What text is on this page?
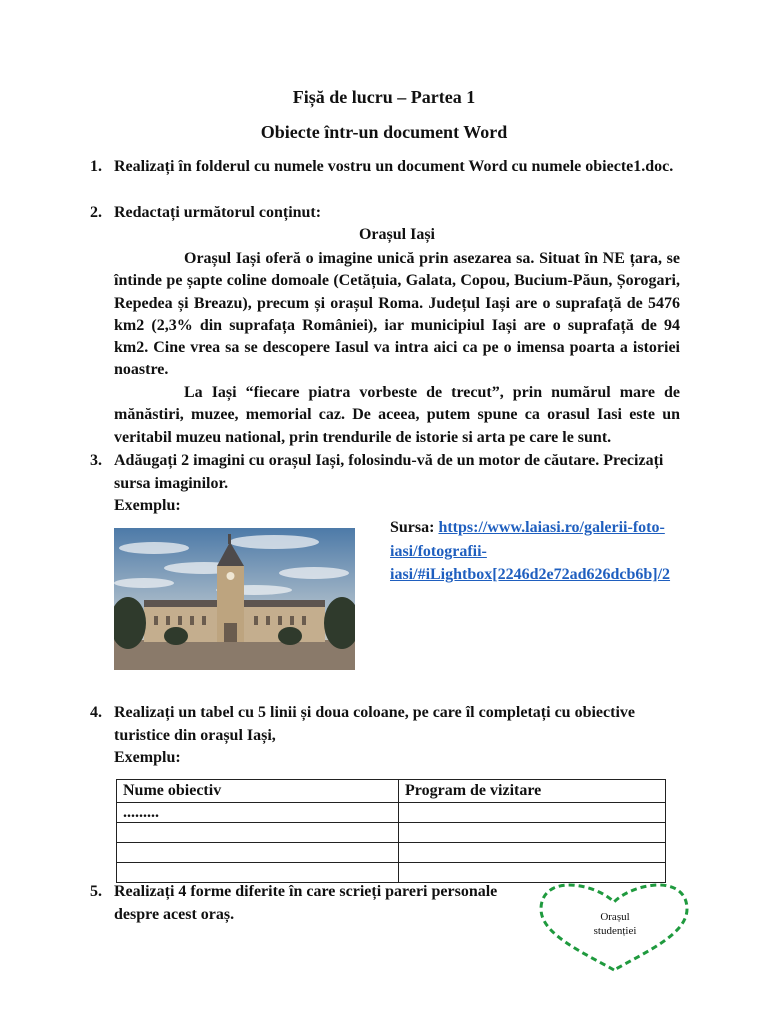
Fișă de lucru – Partea 1
Obiecte într-un document Word
1. Realizați în folderul cu numele vostru un document Word cu numele obiecte1.doc.
2. Redactați următorul conținut:
Orașul Iași
Orașul Iași oferă o imagine unică prin asezarea sa. Situat în NE țara, se întinde pe șapte coline domoale (Cetățuia, Galata, Copou, Bucium-Păun, Șorogari, Repedea și Breazu), precum și orașul Roma. Județul Iași are o suprafață de 5476 km2 (2,3% din suprafața României), iar municipiul Iași are o suprafață de 94 km2. Cine vrea sa se descopere Iasul va intra aici ca pe o imensa poarta a istoriei noastre.
La Iași “fiecare piatra vorbeste de trecut”, prin numărul mare de mănăstiri, muzee, memorial caz. De aceea, putem spune ca orasul Iasi este un veritabil muzeu national, prin trendurile de istorie si arta pe care le sunt.
3. Adăugați 2 imagini cu orașul Iași, folosindu-vă de un motor de căutare. Precizați sursa imaginilor.
Exemplu:
Sursa: https://www.laiasi.ro/galerii-foto-iasi/fotografii-iasi/#iLightbox[2246d2e72ad626dcb6b]/2
4. Realizați un tabel cu 5 linii și doua coloane, pe care îl completați cu obiective turistice din orașul Iași,
Exemplu:
Nume obiectiv	Program de vizitare
.........	

5. Realizați 4 forme diferite în care scrieți pareri personale despre acest oraș.	Orașul
studenției
